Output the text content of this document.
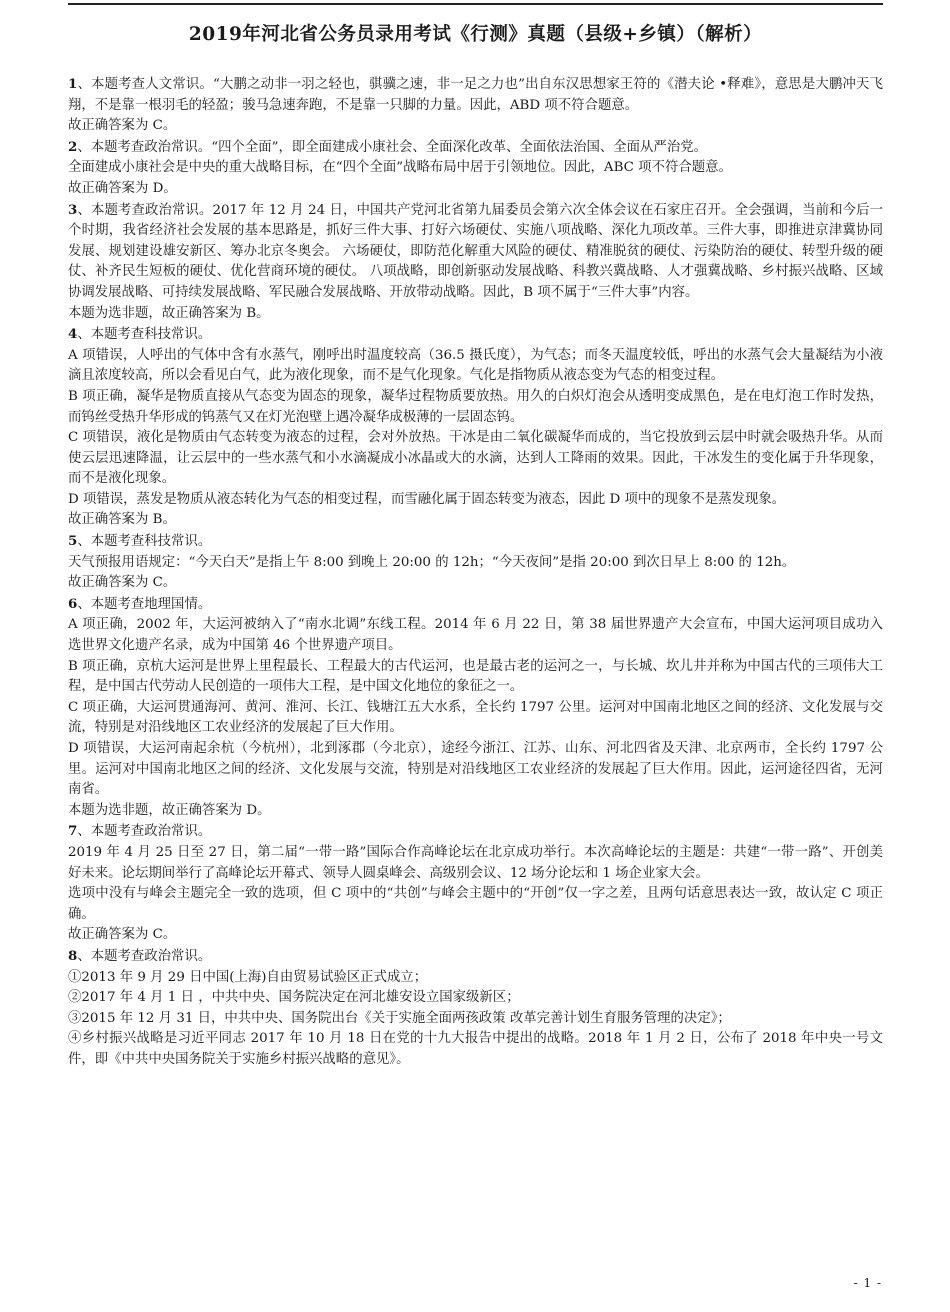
2019年河北省公务员录用考试《行测》真题（县级+乡镇）（解析）

1、本题考查人文常识。“大鹏之动非一羽之轻也，骐骥之速，非一足之力也”出自东汉思想家王符的《潜夫论 •释难》，意思是大鹏冲天飞翔，不是靠一根羽毛的轻盈；骏马急速奔跑，不是靠一只脚的力量。因此，ABD 项不符合题意。

故正确答案为 C。

2、本题考查政治常识。“四个全面”，即全面建成小康社会、全面深化改革、全面依法治国、全面从严治党。

全面建成小康社会是中央的重大战略目标，在“四个全面”战略布局中居于引领地位。因此，ABC 项不符合题意。

故正确答案为 D。

3、本题考查政治常识。2017 年 12 月 24 日，中国共产党河北省第九届委员会第六次全体会议在石家庄召开。全会强调，当前和今后一个时期，我省经济社会发展的基本思路是，抓好三件大事、打好六场硬仗、实施八项战略、深化九项改革。三件大事，即推进京津冀协同发展、规划建设雄安新区、筹办北京冬奥会。 六场硬仗，即防范化解重大风险的硬仗、精准脱贫的硬仗、污染防治的硬仗、转型升级的硬仗、补齐民生短板的硬仗、优化营商环境的硬仗。 八项战略，即创新驱动发展战略、科教兴冀战略、人才强冀战略、乡村振兴战略、区域协调发展战略、可持续发展战略、军民融合发展战略、开放带动战略。因此，B 项不属于“三件大事”内容。

本题为选非题，故正确答案为 B。

4、本题考查科技常识。

A 项错误，人呼出的气体中含有水蒸气，刚呼出时温度较高（36.5 摄氏度），为气态；而冬天温度较低，呼出的水蒸气会大量凝结为小液滴且浓度较高，所以会看见白气，此为液化现象，而不是气化现象。气化是指物质从液态变为气态的相变过程。

B 项正确，凝华是物质直接从气态变为固态的现象，凝华过程物质要放热。用久的白炽灯泡会从透明变成黑色，是在电灯泡工作时发热，而钨丝受热升华形成的钨蒸气又在灯光泡壁上遇冷凝华成极薄的一层固态钨。

C 项错误，液化是物质由气态转变为液态的过程，会对外放热。干冰是由二氧化碳凝华而成的，当它投放到云层中时就会吸热升华。从而使云层迅速降温，让云层中的一些水蒸气和小水滴凝成小冰晶或大的水滴，达到人工降雨的效果。因此，干冰发生的变化属于升华现象，而不是液化现象。

D 项错误，蒸发是物质从液态转化为气态的相变过程，而雪融化属于固态转变为液态，因此 D 项中的现象不是蒸发现象。

故正确答案为 B。

5、本题考查科技常识。

天气预报用语规定：“今天白天”是指上午 8:00 到晚上 20:00 的 12h；“今天夜间”是指 20:00 到次日早上 8:00 的 12h。

故正确答案为 C。

6、本题考查地理国情。

A 项正确，2002 年，大运河被纳入了“南水北调”东线工程。2014 年 6 月 22 日，第 38 届世界遗产大会宣布，中国大运河项目成功入选世界文化遗产名录，成为中国第 46 个世界遗产项目。

B 项正确，京杭大运河是世界上里程最长、工程最大的古代运河，也是最古老的运河之一，与长城、坎儿井并称为中国古代的三项伟大工程，是中国古代劳动人民创造的一项伟大工程，是中国文化地位的象征之一。

C 项正确，大运河贯通海河、黄河、淮河、长江、钱塘江五大水系，全长约 1797 公里。运河对中国南北地区之间的经济、文化发展与交流，特别是对沿线地区工农业经济的发展起了巨大作用。

D 项错误，大运河南起余杭（今杭州），北到涿郡（今北京），途经今浙江、江苏、山东、河北四省及天津、北京两市，全长约 1797 公里。运河对中国南北地区之间的经济、文化发展与交流，特别是对沿线地区工农业经济的发展起了巨大作用。因此，运河途径四省，无河南省。

本题为选非题，故正确答案为 D。

7、本题考查政治常识。

2019 年 4 月 25 日至 27 日，第二届“一带一路”国际合作高峰论坛在北京成功举行。本次高峰论坛的主题是：共建“一带一路”、开创美好未来。论坛期间举行了高峰论坛开幕式、领导人圆桌峰会、高级别会议、12 场分论坛和 1 场企业家大会。

选项中没有与峰会主题完全一致的选项，但 C 项中的“共创”与峰会主题中的“开创”仅一字之差，且两句话意思表达一致，故认定 C 项正确。

故正确答案为 C。

8、本题考查政治常识。

①2013 年 9 月 29 日中国(上海)自由贸易试验区正式成立；

②2017 年 4 月 1 日 ，中共中央、国务院决定在河北雄安设立国家级新区；

③2015 年 12 月 31 日，中共中央、国务院出台《关于实施全面两孩政策 改革完善计划生育服务管理的决定》；

④乡村振兴战略是习近平同志 2017 年 10 月 18 日在党的十九大报告中提出的战略。2018 年 1 月 2 日，公布了 2018 年中央一号文件，即《中共中央国务院关于实施乡村振兴战略的意见》。

- 1 -
